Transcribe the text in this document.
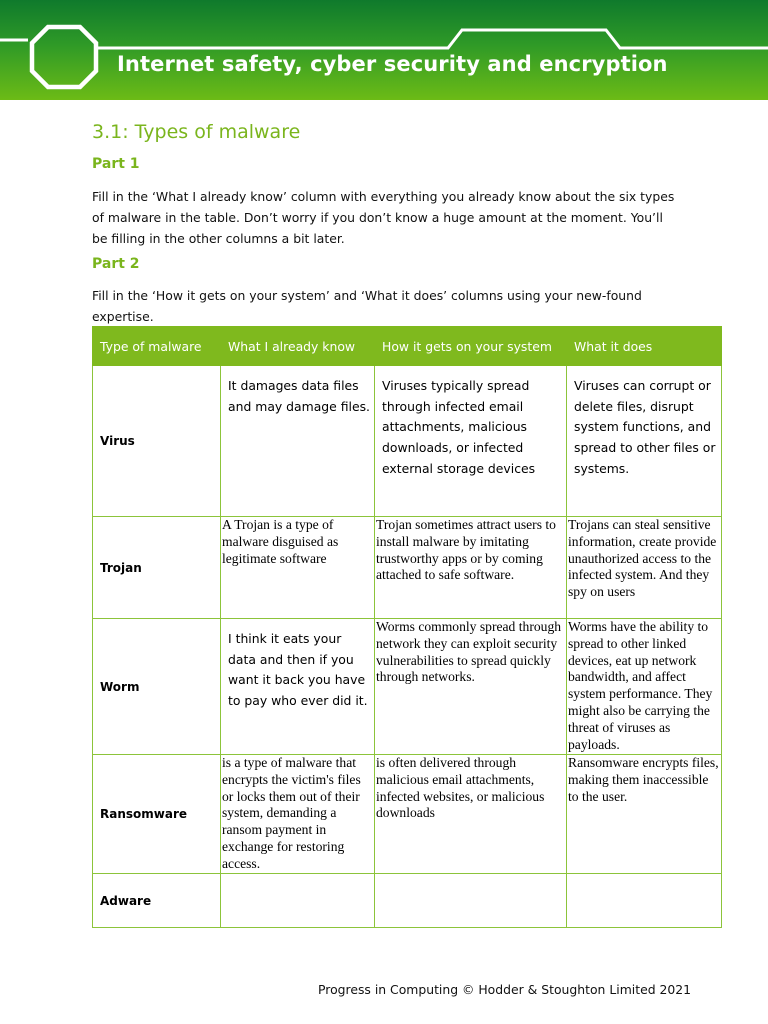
Internet safety, cyber security and encryption
3.1: Types of malware
Part 1
Fill in the ‘What I already know’ column with everything you already know about the six types of malware in the table. Don’t worry if you don’t know a huge amount at the moment. You’ll be filling in the other columns a bit later.
Part 2
Fill in the ‘How it gets on your system’ and ‘What it does’ columns using your new-found expertise.
Type of malware	What I already know	How it gets on your system	What it does

Virus	It damages data files and may damage files.	Viruses typically spread through infected email attachments, malicious downloads, or infected external storage devices	Viruses can corrupt or delete files, disrupt system functions, and spread to other files or systems.

Trojan	A Trojan is a type of malware disguised as legitimate software	Trojan sometimes attract users to install malware by imitating trustworthy apps or by coming attached to safe software.	Trojans can steal sensitive information, create provide unauthorized access to the infected system. And they spy on users

Worm	I think it eats your data and then if you want it back you have to pay who ever did it.	Worms commonly spread through network they can exploit security vulnerabilities to spread quickly through networks.	Worms have the ability to spread to other linked devices, eat up network bandwidth, and affect system performance. They might also be carrying the threat of viruses as payloads.

Ransomware	is a type of malware that encrypts the victim's files or locks them out of their system, demanding a ransom payment in exchange for restoring access.	is often delivered through malicious email attachments, infected websites, or malicious downloads	Ransomware encrypts files, making them inaccessible to the user.

Adware			

Progress in Computing © Hodder & Stoughton Limited 2021
